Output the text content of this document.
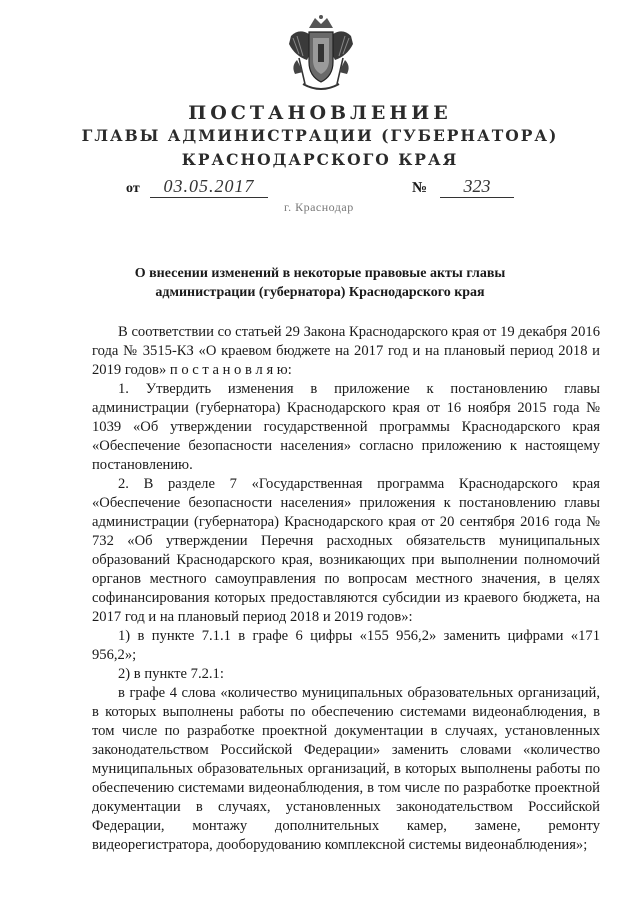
ПОСТАНОВЛЕНИЕ
ГЛАВЫ АДМИНИСТРАЦИИ (ГУБЕРНАТОРА)
КРАСНОДАРСКОГО КРАЯ
от	03.05.2017	№	323
г. Краснодар
О внесении изменений в некоторые правовые акты главы администрации (губернатора) Краснодарского края

В соответствии со статьей 29 Закона Краснодарского края от 19 декабря 2016 года № 3515-КЗ «О краевом бюджете на 2017 год и на плановый период 2018 и 2019 годов» п о с т а н о в л я ю:

1. Утвердить изменения в приложение к постановлению главы администрации (губернатора) Краснодарского края от 16 ноября 2015 года № 1039 «Об утверждении государственной программы Краснодарского края «Обеспечение безопасности населения» согласно приложению к настоящему постановлению.

2. В разделе 7 «Государственная программа Краснодарского края «Обеспечение безопасности населения» приложения к постановлению главы администрации (губернатора) Краснодарского края от 20 сентября 2016 года № 732 «Об утверждении Перечня расходных обязательств муниципальных образований Краснодарского края, возникающих при выполнении полномочий органов местного самоуправления по вопросам местного значения, в целях софинансирования которых предоставляются субсидии из краевого бюджета, на 2017 год и на плановый период 2018 и 2019 годов»:

1) в пункте 7.1.1 в графе 6 цифры «155 956,2» заменить цифрами «171 956,2»;

2) в пункте 7.2.1:

в графе 4 слова «количество муниципальных образовательных организаций, в которых выполнены работы по обеспечению системами видеонаблюдения, в том числе по разработке проектной документации в случаях, установленных законодательством Российской Федерации» заменить словами «количество муниципальных образовательных организаций, в которых выполнены работы по обеспечению системами видеонаблюдения, в том числе по разработке проектной документации в случаях, установленных законодательством Российской Федерации, монтажу дополнительных камер, замене, ремонту видеорегистратора, дооборудованию комплексной системы видеонаблюдения»;
